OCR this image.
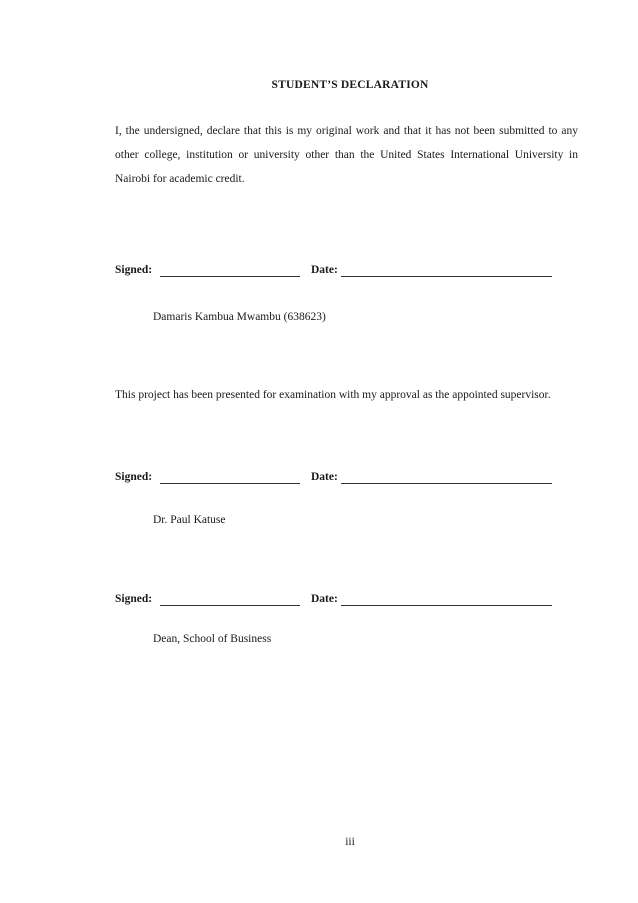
STUDENT’S DECLARATION
I, the undersigned, declare that this is my original work and that it has not been submitted to any other college, institution or university other than the United States International University in Nairobi for academic credit.
Signed:	Date:
Damaris Kambua Mwambu (638623)
This project has been presented for examination with my approval as the appointed supervisor.
Signed:	Date:
Dr. Paul Katuse
Signed:	Date:
Dean, School of Business
iii
